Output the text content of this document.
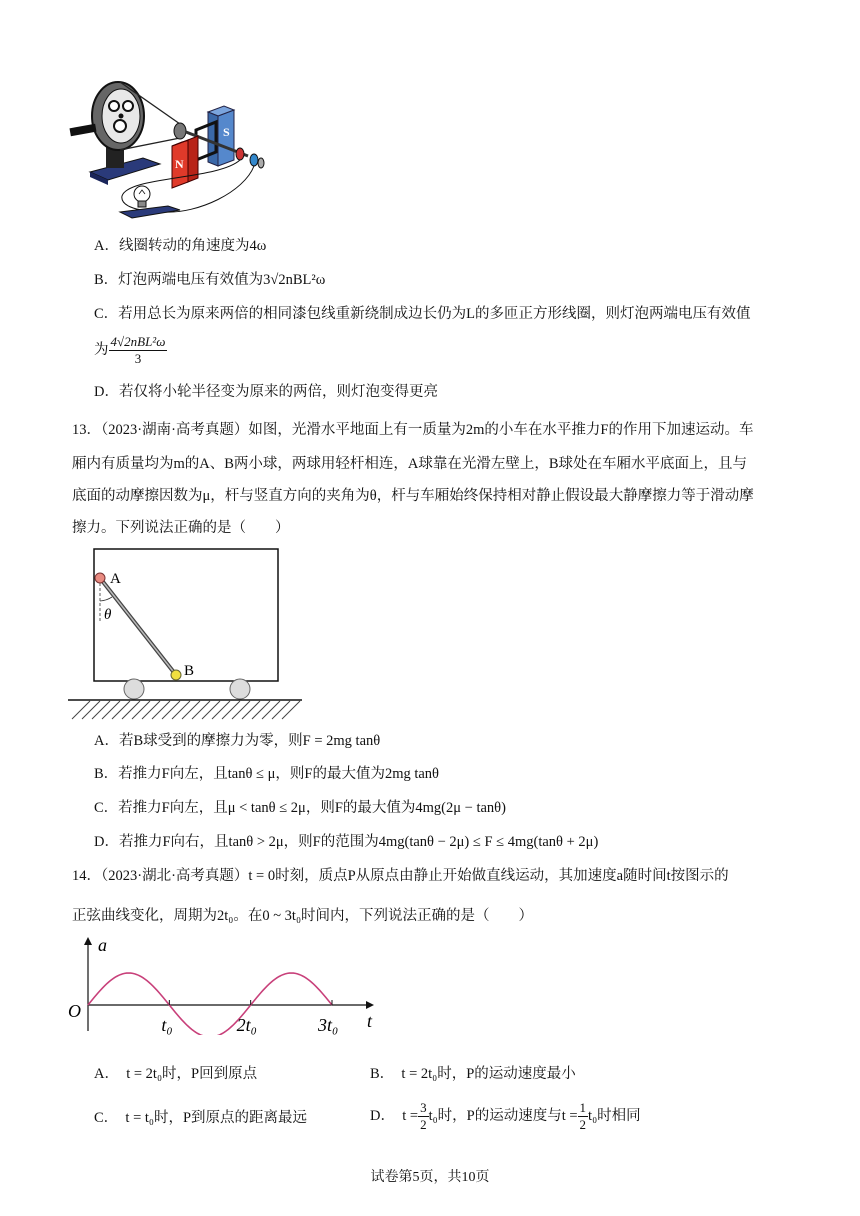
S
N
A．线圈转动的角速度为4ω
B．灯泡两端电压有效值为3√2nBL²ω
C．若用总长为原来两倍的相同漆包线重新绕制成边长仍为L的多匝正方形线圈，则灯泡两端电压有效值
为 $\frac{\text{4√2nBL²ω}}{3}$
D．若仅将小轮半径变为原来的两倍，则灯泡变得更亮
13．（2023·湖南·高考真题）如图，光滑水平地面上有一质量为2m的小车在水平推力F的作用下加速运动。车
厢内有质量均为m的A、B两小球，两球用轻杆相连，A球靠在光滑左壁上，B球处在车厢水平底面上，且与
底面的动摩擦因数为μ，杆与竖直方向的夹角为θ，杆与车厢始终保持相对静止假设最大静摩擦力等于滑动摩
擦力。下列说法正确的是（　　）
A
B
θ
A．若B球受到的摩擦力为零，则F = 2mg tanθ
B．若推力F向左，且tanθ ≤ μ，则F的最大值为2mg tanθ
C．若推力F向左，且μ < tanθ ≤ 2μ，则F的最大值为4mg(2μ − tanθ)
D．若推力F向右，且tanθ > 2μ，则F的范围为4mg(tanθ − 2μ) ≤ F ≤ 4mg(tanθ + 2μ)
14．（2023·湖北·高考真题）t = 0时刻，质点P从原点由静止开始做直线运动，其加速度a随时间t按图示的
正弦曲线变化，周期为2t₀。在0 ~ 3t₀时间内，下列说法正确的是（　　）
a
t
O
t₀	2t₀	3t₀
A．　t = 2t₀时，P回到原点	B．　t = 2t₀时，P的运动速度最小
C．　t = t₀时，P到原点的距离最远	D．　$t = \frac{3}{2} t_0$时，P的运动速度与$t = \frac{1}{2} t_0$时相同
试卷第5页，共10页
